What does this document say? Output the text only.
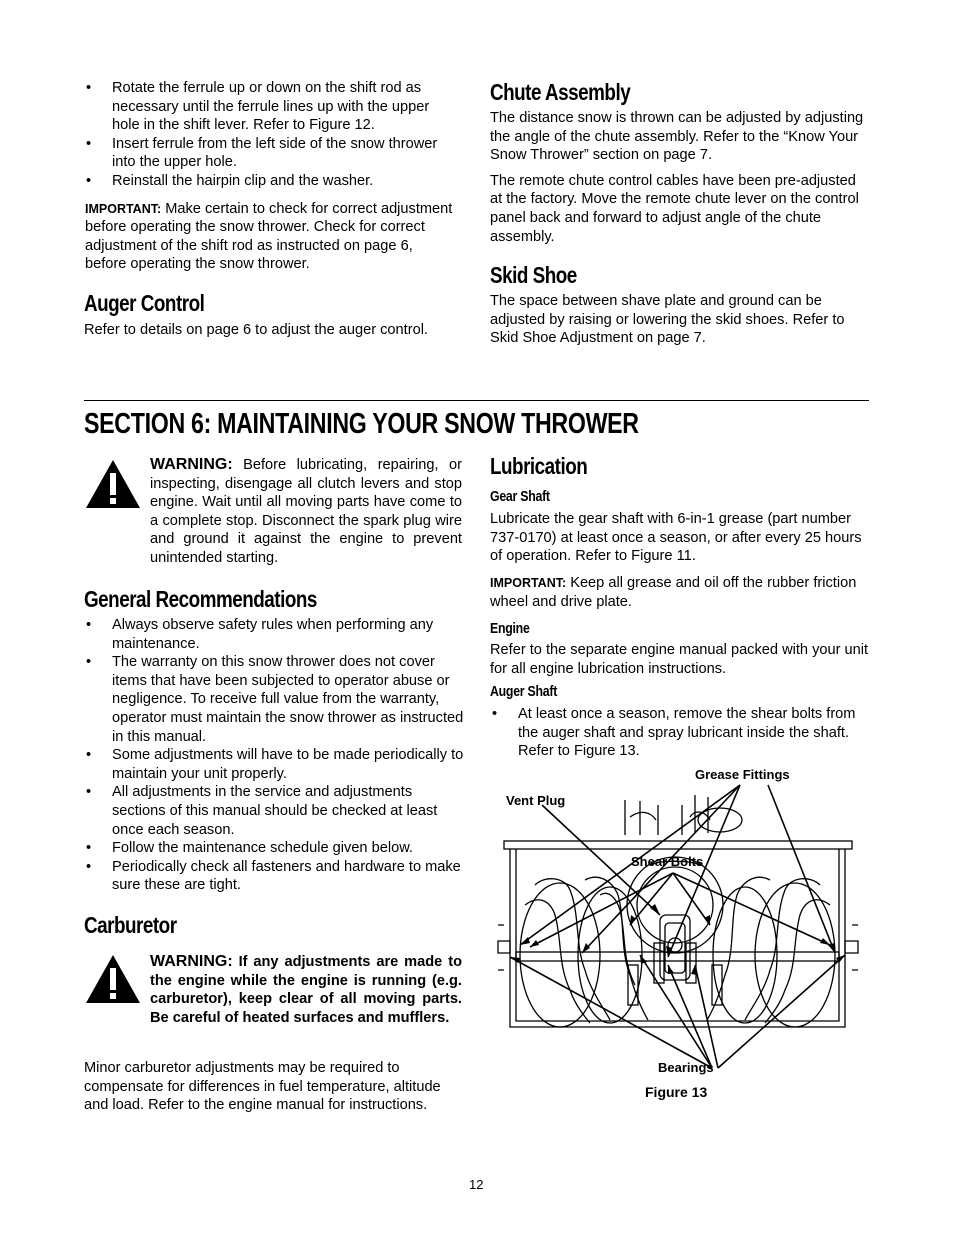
• Rotate the ferrule up or down on the shift rod as necessary until the ferrule lines up with the upper hole in the shift lever. Refer to Figure 12.
• Insert ferrule from the left side of the snow thrower into the upper hole.
• Reinstall the hairpin clip and the washer.

IMPORTANT: Make certain to check for correct adjustment before operating the snow thrower. Check for correct adjustment of the shift rod as instructed on page 6, before operating the snow thrower.

Auger Control

Refer to details on page 6 to adjust the auger control.

Chute Assembly

The distance snow is thrown can be adjusted by adjusting the angle of the chute assembly. Refer to the “Know Your Snow Thrower” section on page 7.

The remote chute control cables have been pre-adjusted at the factory. Move the remote chute lever on the control panel back and forward to adjust angle of the chute assembly.

Skid Shoe

The space between shave plate and ground can be adjusted by raising or lowering the skid shoes. Refer to Skid Shoe Adjustment on page 7.

SECTION 6: MAINTAINING YOUR SNOW THROWER

WARNING: Before lubricating, repairing, or inspecting, disengage all clutch levers and stop engine. Wait until all moving parts have come to a complete stop. Disconnect the spark plug wire and ground it against the engine to prevent unintended starting.

General Recommendations
• Always observe safety rules when performing any maintenance.
• The warranty on this snow thrower does not cover items that have been subjected to operator abuse or negligence. To receive full value from the warranty, operator must maintain the snow thrower as instructed in this manual.
• Some adjustments will have to be made periodically to maintain your unit properly.
• All adjustments in the service and adjustments sections of this manual should be checked at least once each season.
• Follow the maintenance schedule given below.
• Periodically check all fasteners and hardware to make sure these are tight.
Carburetor

WARNING: If any adjustments are made to the engine while the engine is running (e.g. carburetor), keep clear of all moving parts. Be careful of heated surfaces and mufflers.

Minor carburetor adjustments may be required to compensate for differences in fuel temperature, altitude and load. Refer to the engine manual for instructions.

Lubrication
Gear Shaft

Lubricate the gear shaft with 6-in-1 grease (part number 737-0170) at least once a season, or after every 25 hours of operation. Refer to Figure 11.

IMPORTANT: Keep all grease and oil off the rubber friction wheel and drive plate.

Engine

Refer to the separate engine manual packed with your unit for all engine lubrication instructions.

Auger Shaft
• At least once a season, remove the shear bolts from the auger shaft and spray lubricant inside the shaft. Refer to Figure 13.
Grease Fittings
Vent Plug
Shear Bolts
Bearings
Figure 13
12
